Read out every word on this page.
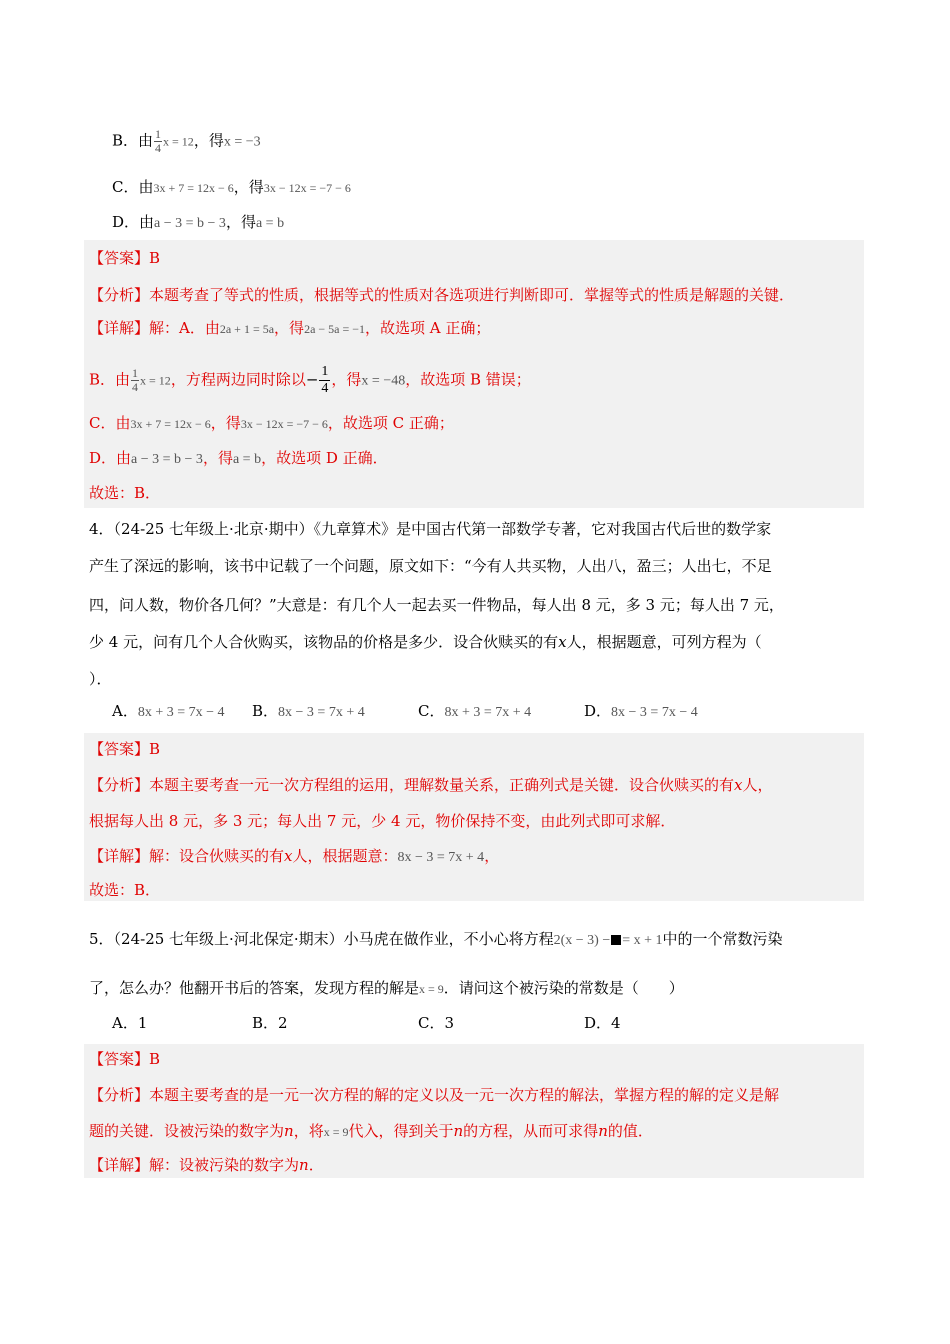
B．由 $\frac{1}{4}$ x = 12，得x = −3
C．由3x + 7 = 12x − 6，得3x − 12x = −7 − 6
D．由a − 3 = b − 3，得a = b
【答案】B
【分析】本题考查了等式的性质，根据等式的性质对各选项进行判断即可．掌握等式的性质是解题的关键．
【详解】解：A．由2a + 1 = 5a，得2a − 5a = −1，故选项 A 正确；
B．由 $\frac{1}{4}$ x = 12，方程两边同时除以− $\frac{1}{4}$ ，得x = −48，故选项 B 错误；
C．由3x + 7 = 12x − 6，得3x − 12x = −7 − 6，故选项 C 正确；
D．由a − 3 = b − 3，得a = b，故选项 D 正确．
故选：B．
4．（24-25 七年级上·北京·期中）《九章算术》是中国古代第一部数学专著，它对我国古代后世的数学家
产生了深远的影响，该书中记载了一个问题，原文如下：“今有人共买物，人出八，盈三；人出七，不足
四，问人数，物价各几何？”大意是：有几个人一起去买一件物品，每人出 8 元，多 3 元；每人出 7 元，
少 4 元，问有几个人合伙购买，该物品的价格是多少．设合伙赎买的有x人，根据题意，可列方程为（
）．
A．8x + 3 = 7x − 4 B．8x − 3 = 7x + 4	C．8x + 3 = 7x + 4	D．8x − 3 = 7x − 4
【答案】B
【分析】本题主要考查一元一次方程组的运用，理解数量关系，正确列式是关键．设合伙赎买的有x人，
根据每人出 8 元，多 3 元；每人出 7 元，少 4 元，物价保持不变，由此列式即可求解．
【详解】解：设合伙赎买的有x人，根据题意：8x − 3 = 7x + 4，
故选：B．
5．（24-25 七年级上·河北保定·期末）小马虎在做作业，不小心将方程2(x − 3) − = x + 1中的一个常数污染
了，怎么办？他翻开书后的答案，发现方程的解是x = 9．请问这个被污染的常数是（　　）
A．1	B．2	C．3	D．4
【答案】B
【分析】本题主要考查的是一元一次方程的解的定义以及一元一次方程的解法，掌握方程的解的定义是解
题的关键．设被污染的数字为n，将x = 9代入，得到关于n的方程，从而可求得n的值．
【详解】解：设被污染的数字为n．
